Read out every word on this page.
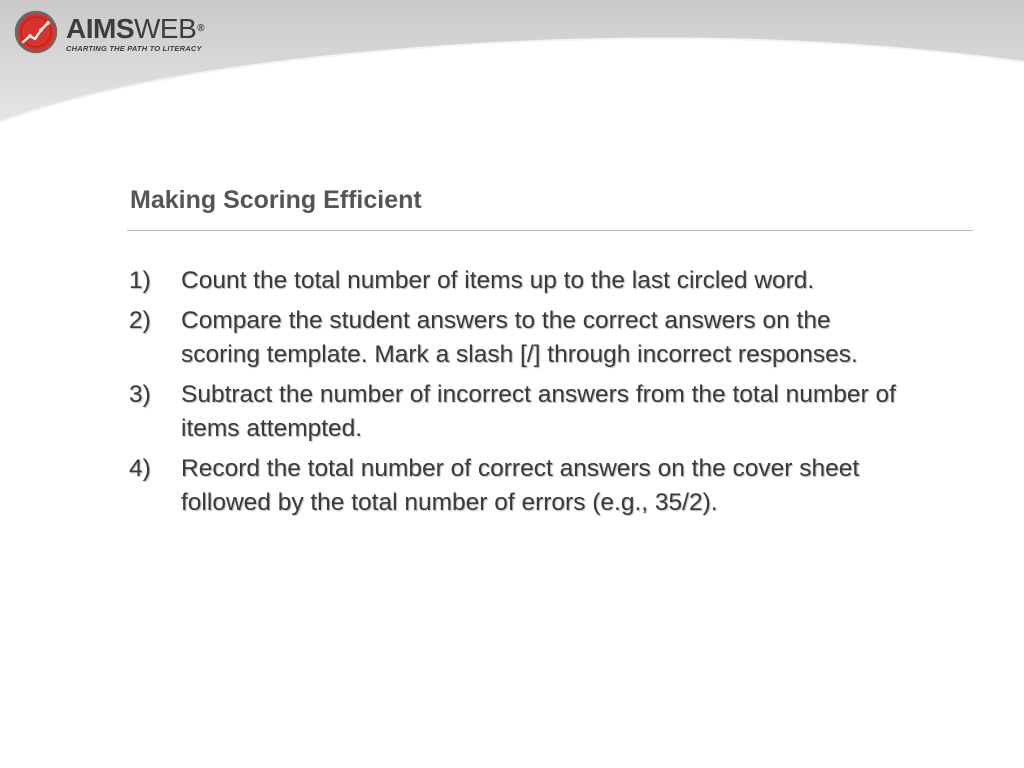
AIMSWEB®
CHARTING THE PATH TO LITERACY
Making Scoring Efficient
1)	Count the total number of items up to the last circled word.
2)	Compare the student answers to the correct answers on the scoring template. Mark a slash [/] through incorrect responses.
3)	Subtract the number of incorrect answers from the total number of items attempted.
4)	Record the total number of correct answers on the cover sheet followed by the total number of errors (e.g., 35/2).
